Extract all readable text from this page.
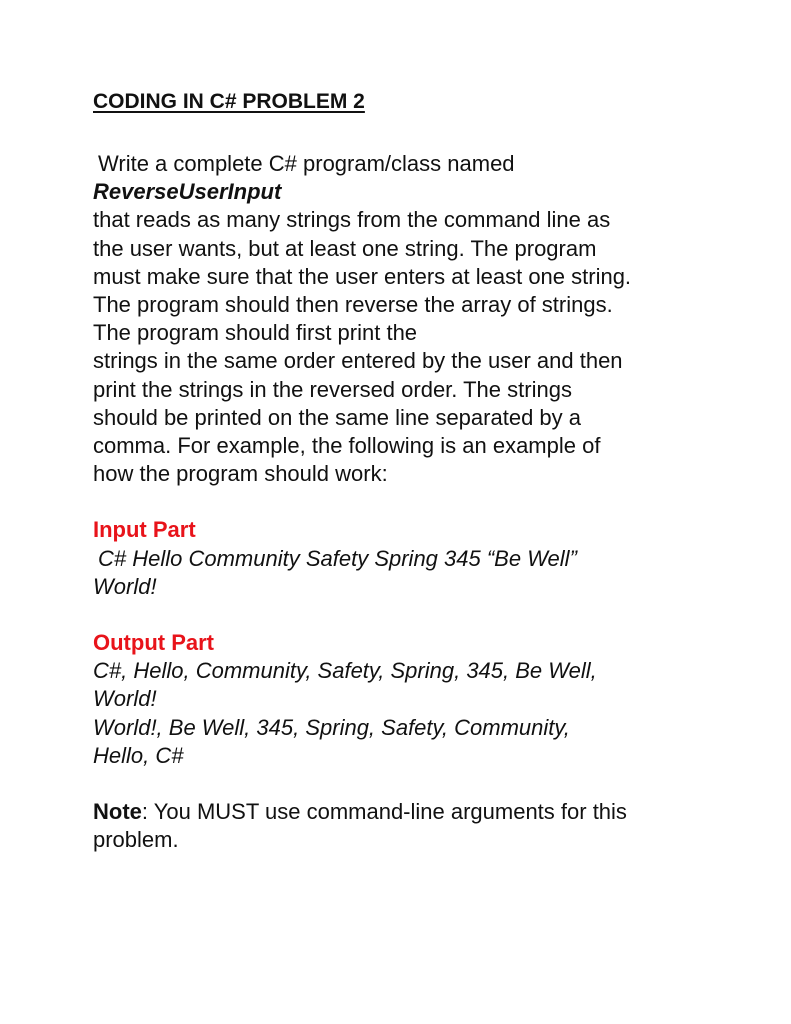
CODING IN C# PROBLEM 2
Write a complete C# program/class named
ReverseUserInput
that reads as many strings from the command line as
the user wants, but at least one string. The program
must make sure that the user enters at least one string.
The program should then reverse the array of strings.
The program should first print the
strings in the same order entered by the user and then
print the strings in the reversed order. The strings
should be printed on the same line separated by a
comma. For example, the following is an example of
how the program should work:
Input Part
C# Hello Community Safety Spring 345 “Be Well”
World!
Output Part
C#, Hello, Community, Safety, Spring, 345, Be Well,
World!
World!, Be Well, 345, Spring, Safety, Community,
Hello, C#
Note: You MUST use command-line arguments for this
problem.
